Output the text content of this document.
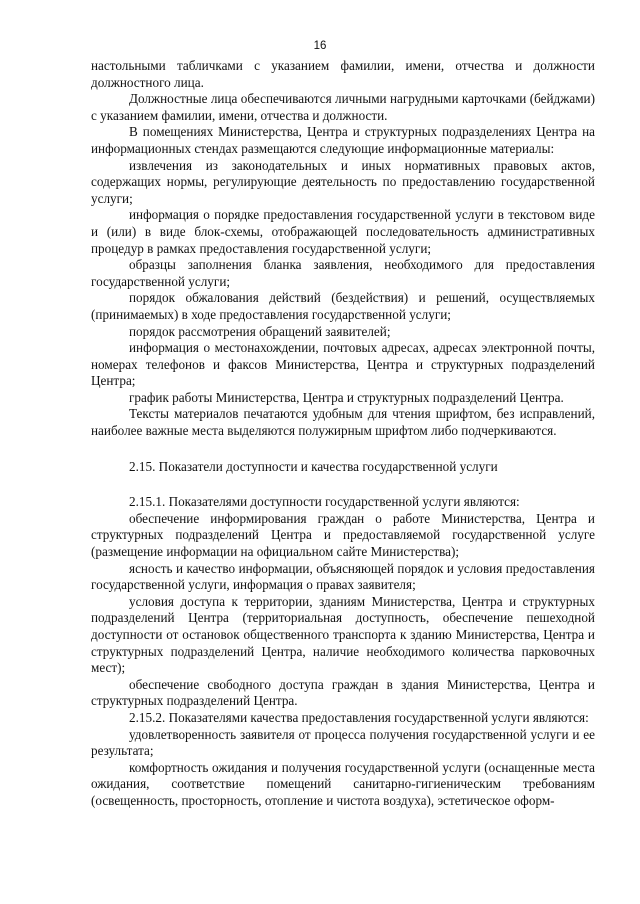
16

настольными табличками с указанием фамилии, имени, отчества и должности должностного лица.

Должностные лица обеспечиваются личными нагрудными карточками (бейджами) с указанием фамилии, имени, отчества и должности.

В помещениях Министерства, Центра и структурных подразделениях Центра на информационных стендах размещаются следующие информационные материалы:

извлечения из законодательных и иных нормативных правовых актов, содержащих нормы, регулирующие деятельность по предоставлению государственной услуги;

информация о порядке предоставления государственной услуги в текстовом виде и (или) в виде блок-схемы, отображающей последовательность административных процедур в рамках предоставления государственной услуги;

образцы заполнения бланка заявления, необходимого для предоставления государственной услуги;

порядок обжалования действий (бездействия) и решений, осуществляемых (принимаемых) в ходе предоставления государственной услуги;

порядок рассмотрения обращений заявителей;

информация о местонахождении, почтовых адресах, адресах электронной почты, номерах телефонов и факсов Министерства, Центра и структурных подразделений Центра;

график работы Министерства, Центра и структурных подразделений Центра.

Тексты материалов печатаются удобным для чтения шрифтом, без исправлений, наиболее важные места выделяются полужирным шрифтом либо подчеркиваются.

2.15. Показатели доступности и качества государственной услуги

2.15.1. Показателями доступности государственной услуги являются:

обеспечение информирования граждан о работе Министерства, Центра и структурных подразделений Центра и предоставляемой государственной услуге (размещение информации на официальном сайте Министерства);

ясность и качество информации, объясняющей порядок и условия предоставления государственной услуги, информация о правах заявителя;

условия доступа к территории, зданиям Министерства, Центра и структурных подразделений Центра (территориальная доступность, обеспечение пешеходной доступности от остановок общественного транспорта к зданию Министерства, Центра и структурных подразделений Центра, наличие необходимого количества парковочных мест);

обеспечение свободного доступа граждан в здания Министерства, Центра и структурных подразделений Центра.

2.15.2. Показателями качества предоставления государственной услуги являются:

удовлетворенность заявителя от процесса получения государственной услуги и ее результата;

комфортность ожидания и получения государственной услуги (оснащенные места ожидания, соответствие помещений санитарно-гигиеническим требованиям (освещенность, просторность, отопление и чистота воздуха), эстетическое оформ-
